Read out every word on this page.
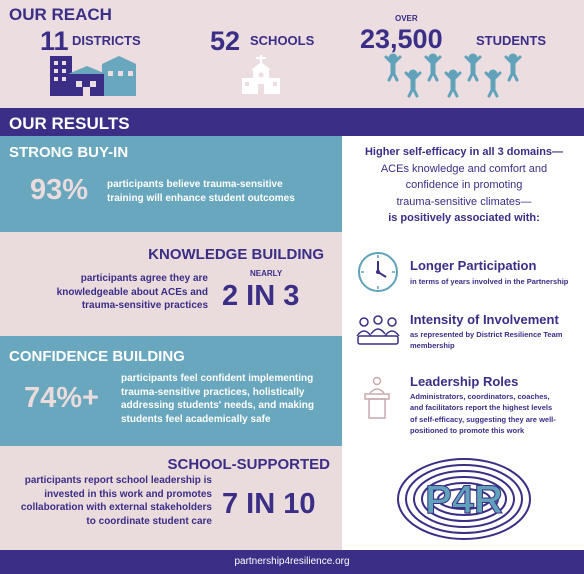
OUR REACH
11 DISTRICTS	52 SCHOOLS
OVER
23,500	STUDENTS
OUR RESULTS
STRONG BUY-IN
93% participants believe trauma-sensitive training will enhance student outcomes
KNOWLEDGE BUILDING
participants agree they are knowledgeable about ACEs and trauma-sensitive practices
NEARLY
2 IN 3
CONFIDENCE BUILDING
74%+
participants feel confident implementing trauma-sensitive practices, holistically addressing students' needs, and making students feel academically safe
SCHOOL-SUPPORTED
participants report school leadership is invested in this work and promotes collaboration with external stakeholders to coordinate student care
7 IN 10
Higher self-efficacy in all 3 domains—
ACEs knowledge and comfort and
confidence in promoting
trauma-sensitive climates—
is positively associated with:
Longer Participation
in terms of years involved in the Partnership
Intensity of Involvement
as represented by District Resilience Team membership
Leadership Roles
Administrators, coordinators, coaches, and facilitators report the highest levels of self-efficacy, suggesting they are well-positioned to promote this work
P4R
partnership4resilience.org
